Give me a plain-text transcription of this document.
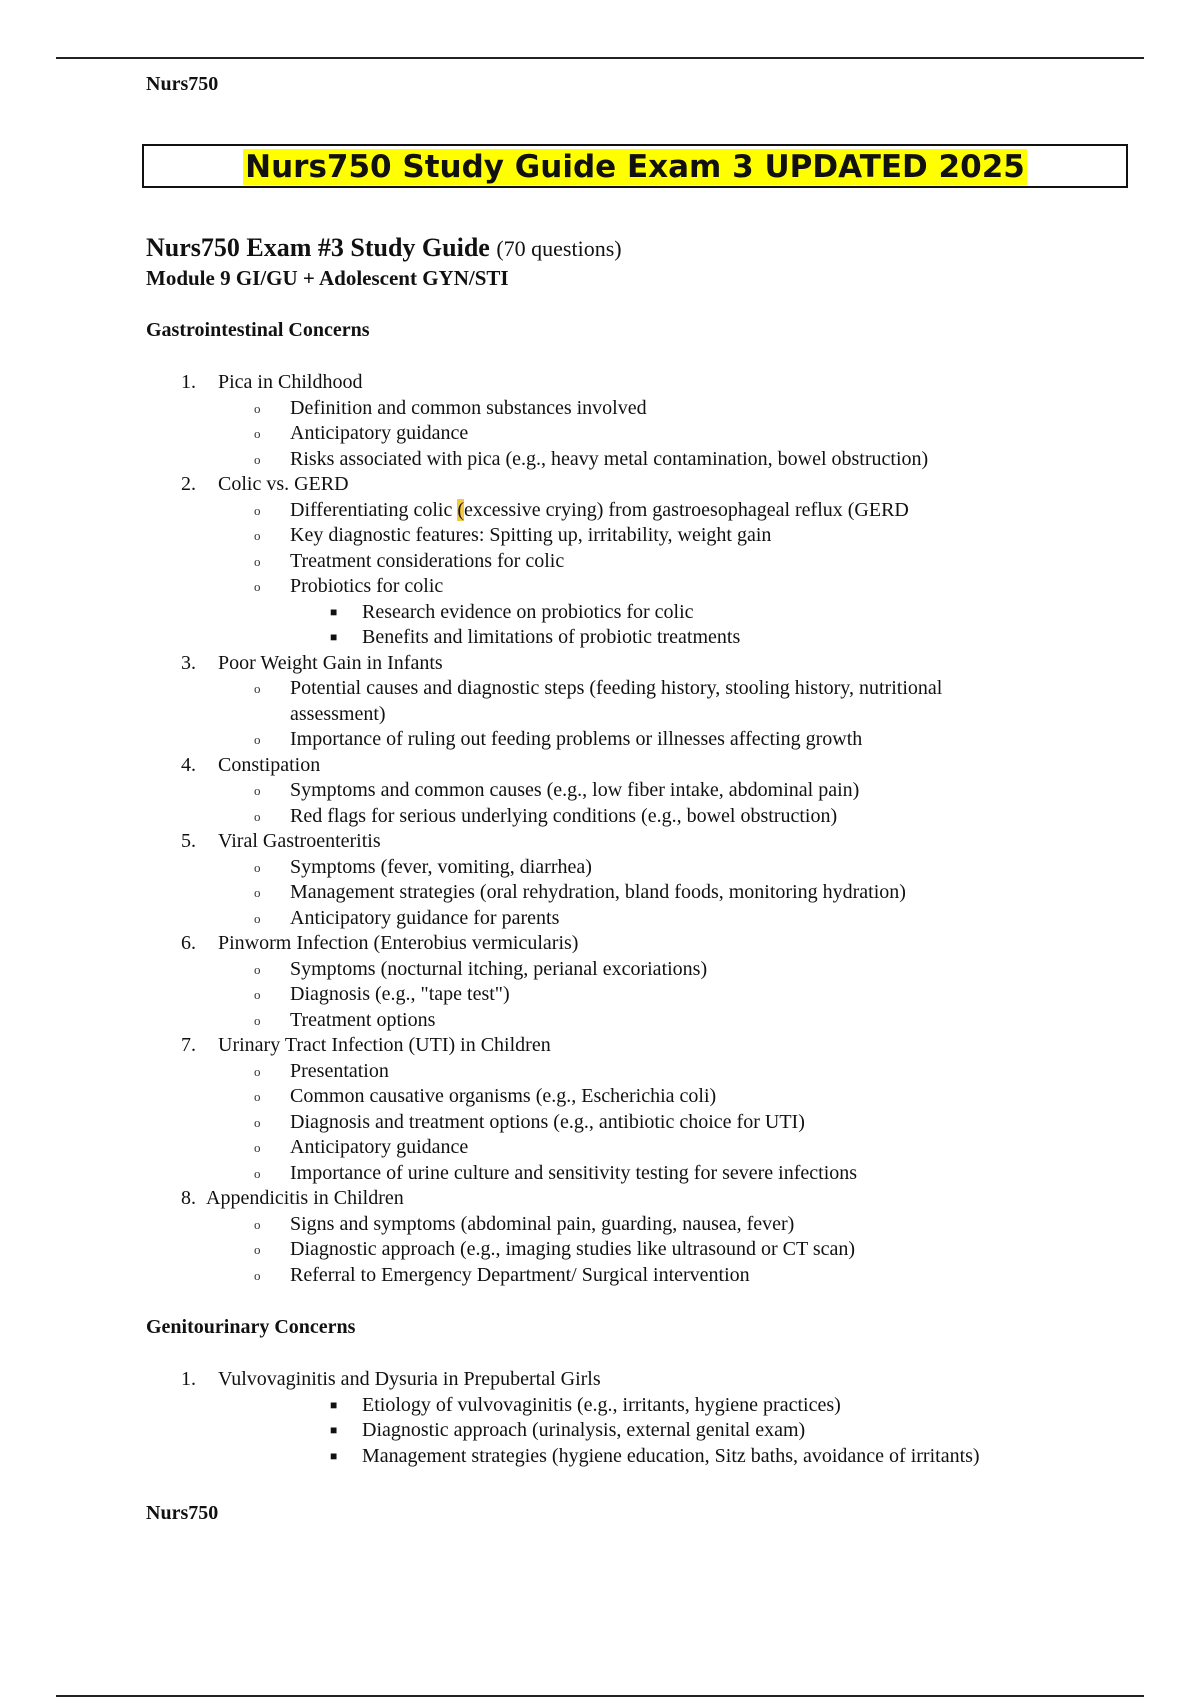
Nurs750
Nurs750 Study Guide Exam 3 UPDATED 2025
Nurs750 Exam #3 Study Guide (70 questions)
Module 9 GI/GU + Adolescent GYN/STI
Gastrointestinal Concerns
1.	Pica in Childhood
o Definition and common substances involved
o Anticipatory guidance
o Risks associated with pica (e.g., heavy metal contamination, bowel obstruction)
2.	Colic vs. GERD
o Differentiating colic (excessive crying) from gastroesophageal reflux (GERD
o Key diagnostic features: Spitting up, irritability, weight gain
o Treatment considerations for colic
o Probiotics for colic
■ Research evidence on probiotics for colic
■ Benefits and limitations of probiotic treatments
3.	Poor Weight Gain in Infants
o Potential causes and diagnostic steps (feeding history, stooling history, nutritional assessment)
o Importance of ruling out feeding problems or illnesses affecting growth
4.	Constipation
o Symptoms and common causes (e.g., low fiber intake, abdominal pain)
o Red flags for serious underlying conditions (e.g., bowel obstruction)
5.	Viral Gastroenteritis
o Symptoms (fever, vomiting, diarrhea)
o Management strategies (oral rehydration, bland foods, monitoring hydration)
o Anticipatory guidance for parents
6.	Pinworm Infection (Enterobius vermicularis)
o Symptoms (nocturnal itching, perianal excoriations)
o Diagnosis (e.g., "tape test")
o Treatment options
7.	Urinary Tract Infection (UTI) in Children
o Presentation
o Common causative organisms (e.g., Escherichia coli)
o Diagnosis and treatment options (e.g., antibiotic choice for UTI)
o Anticipatory guidance
o Importance of urine culture and sensitivity testing for severe infections
8. Appendicitis in Children
o Signs and symptoms (abdominal pain, guarding, nausea, fever)
o Diagnostic approach (e.g., imaging studies like ultrasound or CT scan)
o Referral to Emergency Department/ Surgical intervention
Genitourinary Concerns
1.	Vulvovaginitis and Dysuria in Prepubertal Girls
■ Etiology of vulvovaginitis (e.g., irritants, hygiene practices)
■ Diagnostic approach (urinalysis, external genital exam)
■ Management strategies (hygiene education, Sitz baths, avoidance of irritants)
Nurs750
